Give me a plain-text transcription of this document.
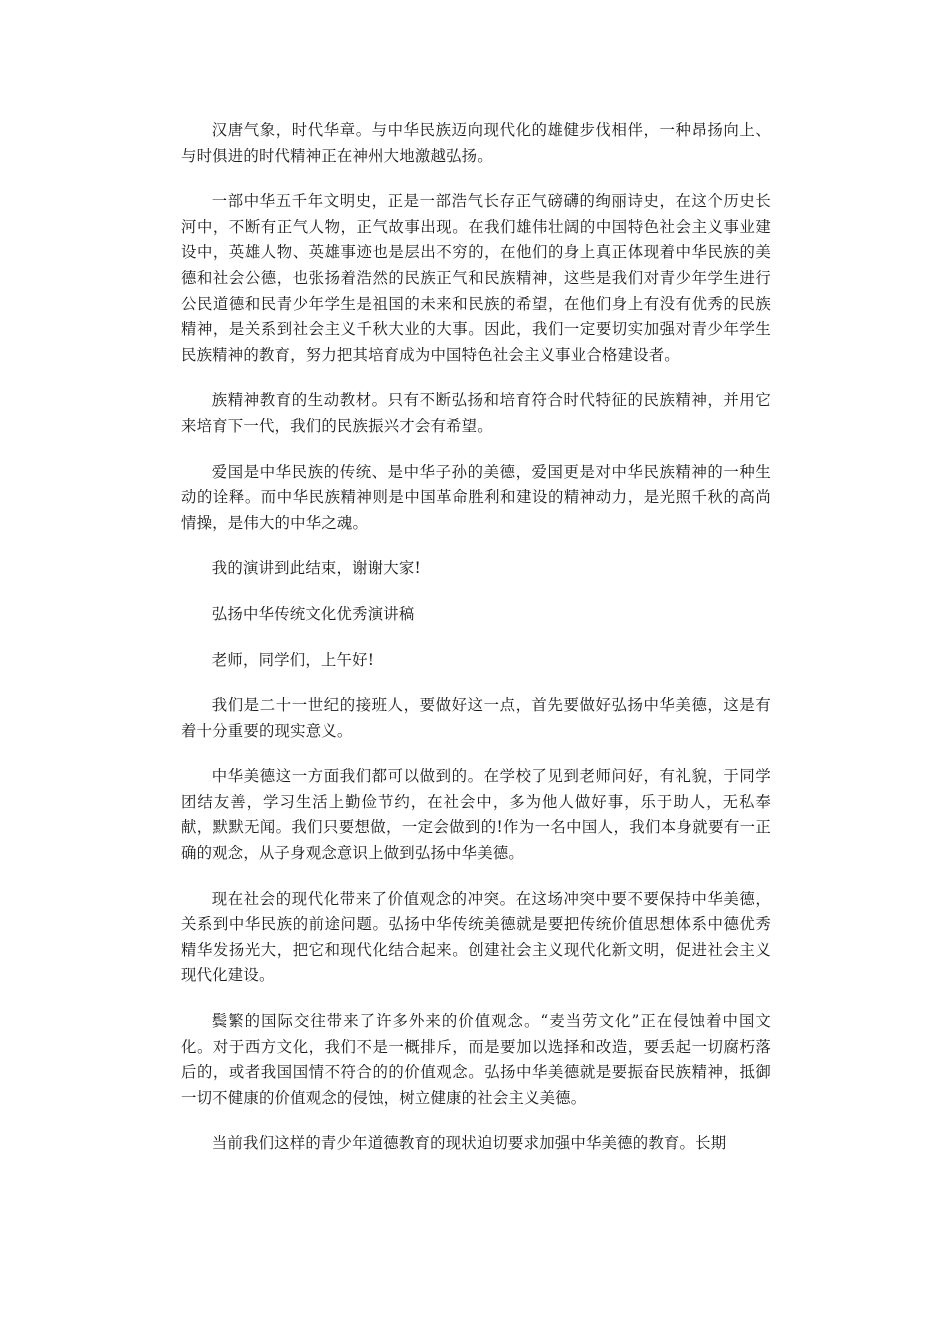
汉唐气象，时代华章。与中华民族迈向现代化的雄健步伐相伴，一种昂扬向上、与时俱进的时代精神正在神州大地激越弘扬。

一部中华五千年文明史，正是一部浩气长存正气磅礴的绚丽诗史，在这个历史长河中，不断有正气人物，正气故事出现。在我们雄伟壮阔的中国特色社会主义事业建设中，英雄人物、英雄事迹也是层出不穷的，在他们的身上真正体现着中华民族的美德和社会公德，也张扬着浩然的民族正气和民族精神，这些是我们对青少年学生进行公民道德和民青少年学生是祖国的未来和民族的希望，在他们身上有没有优秀的民族精神，是关系到社会主义千秋大业的大事。因此，我们一定要切实加强对青少年学生民族精神的教育，努力把其培育成为中国特色社会主义事业合格建设者。

族精神教育的生动教材。只有不断弘扬和培育符合时代特征的民族精神，并用它来培育下一代，我们的民族振兴才会有希望。

爱国是中华民族的传统、是中华子孙的美德，爱国更是对中华民族精神的一种生动的诠释。而中华民族精神则是中国革命胜利和建设的精神动力，是光照千秋的高尚情操，是伟大的中华之魂。

我的演讲到此结束，谢谢大家!

弘扬中华传统文化优秀演讲稿

老师，同学们，上午好!

我们是二十一世纪的接班人，要做好这一点，首先要做好弘扬中华美德，这是有着十分重要的现实意义。

中华美德这一方面我们都可以做到的。在学校了见到老师问好，有礼貌，于同学团结友善，学习生活上勤俭节约，在社会中，多为他人做好事，乐于助人，无私奉献，默默无闻。我们只要想做，一定会做到的!作为一名中国人，我们本身就要有一正确的观念，从子身观念意识上做到弘扬中华美德。

现在社会的现代化带来了价值观念的冲突。在这场冲突中要不要保持中华美德，关系到中华民族的前途问题。弘扬中华传统美德就是要把传统价值思想体系中德优秀精华发扬光大，把它和现代化结合起来。创建社会主义现代化新文明，促进社会主义现代化建设。

鬓繁的国际交往带来了许多外来的价值观念。“麦当劳文化”正在侵蚀着中国文化。对于西方文化，我们不是一概排斥，而是要加以选择和改造，要丢起一切腐朽落后的，或者我国国情不符合的的价值观念。弘扬中华美德就是要振奋民族精神，抵御一切不健康的价值观念的侵蚀，树立健康的社会主义美德。

当前我们这样的青少年道德教育的现状迫切要求加强中华美德的教育。长期
